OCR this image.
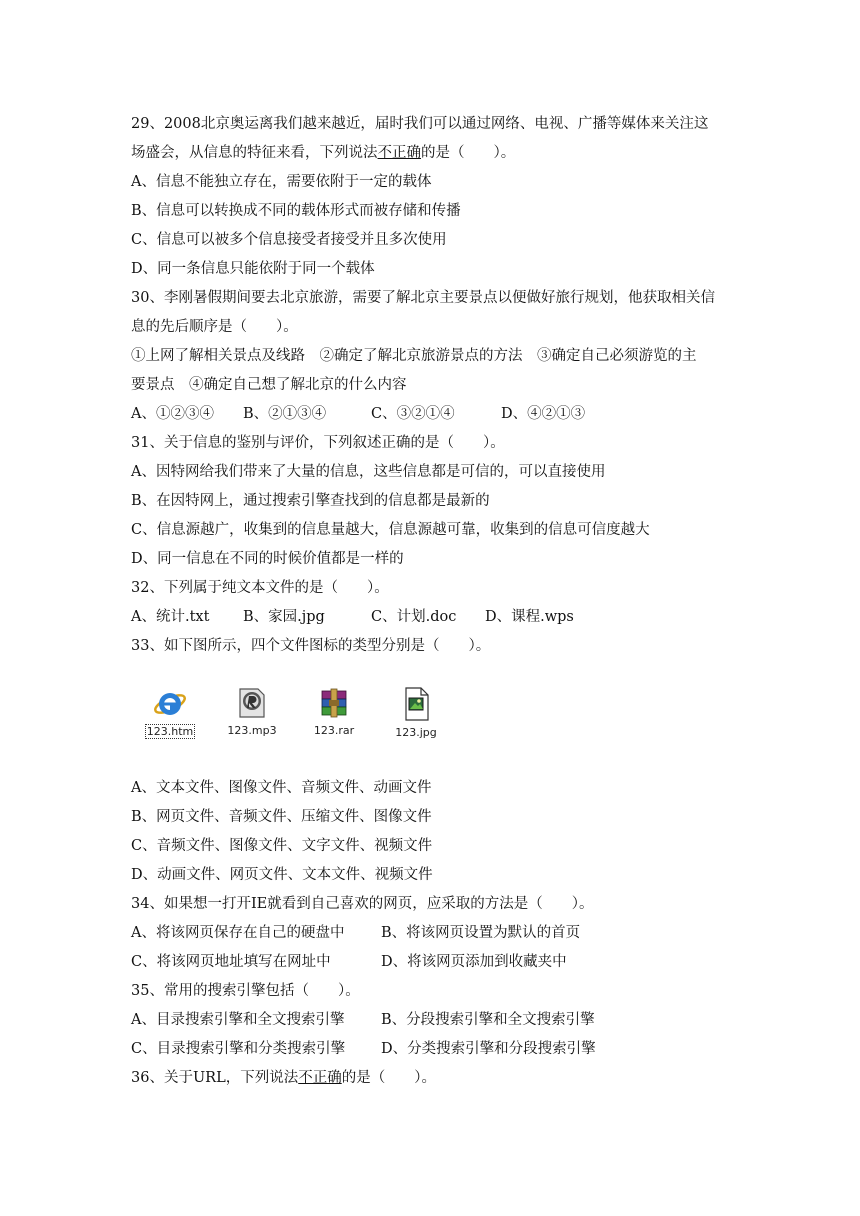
29、2008北京奥运离我们越来越近，届时我们可以通过网络、电视、广播等媒体来关注这
场盛会，从信息的特征来看，下列说法不正确的是（　　）。
A、信息不能独立存在，需要依附于一定的载体
B、信息可以转换成不同的载体形式而被存储和传播
C、信息可以被多个信息接受者接受并且多次使用
D、同一条信息只能依附于同一个载体
30、李刚暑假期间要去北京旅游，需要了解北京主要景点以便做好旅行规划，他获取相关信
息的先后顺序是（　　）。
①上网了解相关景点及线路　②确定了解北京旅游景点的方法　③确定自己必须游览的主
要景点　④确定自己想了解北京的什么内容
A、①②③④ B、②①③④	C、③②①④	D、④②①③
31、关于信息的鉴别与评价，下列叙述正确的是（　　）。
A、因特网给我们带来了大量的信息，这些信息都是可信的，可以直接使用
B、在因特网上，通过搜索引擎查找到的信息都是最新的
C、信息源越广，收集到的信息量越大，信息源越可靠，收集到的信息可信度越大
D、同一信息在不同的时候价值都是一样的
32、下列属于纯文本文件的是（　　）。
A、统计.txt B、家园.jpg	C、计划.doc D、课程.wps
33、如下图所示，四个文件图标的类型分别是（　　）。
123.htm	123.mp3	123.rar	123.jpg
A、文本文件、图像文件、音频文件、动画文件
B、网页文件、音频文件、压缩文件、图像文件
C、音频文件、图像文件、文字文件、视频文件
D、动画文件、网页文件、文本文件、视频文件
34、如果想一打开IE就看到自己喜欢的网页，应采取的方法是（　　）。
A、将该网页保存在自己的硬盘中	B、将该网页设置为默认的首页
C、将该网页地址填写在网址中	D、将该网页添加到收藏夹中
35、常用的搜索引擎包括（　　）。
A、目录搜索引擎和全文搜索引擎	B、分段搜索引擎和全文搜索引擎
C、目录搜索引擎和分类搜索引擎 D、分类搜索引擎和分段搜索引擎
36、关于URL，下列说法不正确的是（　　）。
